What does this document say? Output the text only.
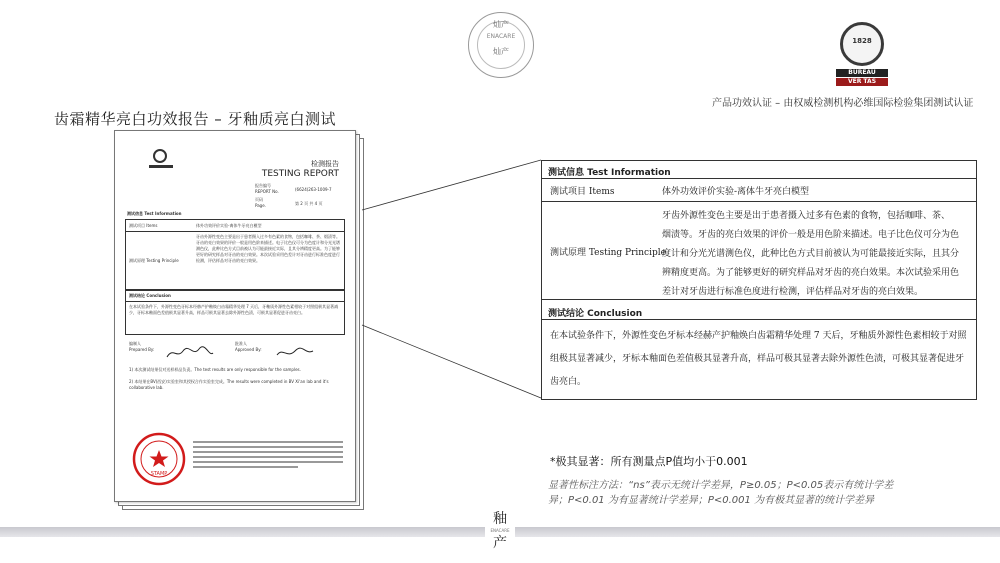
灿产
ENACARE
灿产
1828
BUREAU
VER TAS
产品功效认证 – 由权威检测机构必维国际检验集团测试认证
齿霜精华亮白功效报告 – 牙釉质亮白测试
检测报告
TESTING REPORT
报告编号
REPORT No.	(6624)263-1009-7
页码
Page.	第 2 页 共 4 页
测试信息 Test Information
测试项目 Items	体外功效评价实验-离体牛牙亮白模型
测试原理 Testing Principle
牙齿外源性变色主要是出于患者摄入过多有色素的食物，包括咖啡、茶、烟渍等。牙齿的亮白效果的评价一般是用色阶来描述。电子比色仪可分为色度计和分光光谱测色仪，此种比色方式目前被认为可能最接近实际，且其分辨精度更高。为了能够更好的研究样品对牙齿的亮白效果。本次试验采用色差计对牙齿进行标准色度进行检测，评估样品对牙齿的亮白效果。
测试结论 Conclusion
在本试验条件下，外源性变色牙标本经赫产护釉焕白齿霜精华处理 7 天后，牙釉质外源性色素相较于对照组极其显著减少，牙标本釉面色差值极其显著升高，样品可极其显著去除外源性色渍，可极其显著促进牙齿亮白。
编制人
Prepared By:
批准人
Approved By:
1) 本次测试结果仅对送样样品负责。The test results are only responsible for the samples.
2) 本结果在BV(西安)实验室和其授权合作实验室完成。The results were completed in BV Xi'an lab and it's collaborative lab.
STAMP
测试信息 Test Information
测试项目 Items	体外功效评价实验-离体牛牙亮白模型
测试原理 Testing Principle
牙齿外源性变色主要是出于患者摄入过多有色素的食物，包括咖啡、茶、
烟渍等。牙齿的亮白效果的评价一般是用色阶来描述。电子比色仪可分为色
度计和分光光谱测色仪，此种比色方式目前被认为可能最接近实际，且其分
辨精度更高。为了能够更好的研究样品对牙齿的亮白效果。本次试验采用色
差计对牙齿进行标准色度进行检测，评估样品对牙齿的亮白效果。
测试结论 Conclusion
在本试验条件下，外源性变色牙标本经赫产护釉焕白齿霜精华处理 7 天后，牙釉质外源性色素相较于对照
组极其显著减少，牙标本釉面色差值极其显著升高，样品可极其显著去除外源性色渍，可极其显著促进牙
齿亮白。
*极其显著：所有测量点P值均小于0.001
显著性标注方法：“ns”表示无统计学差异，P≥0.05；P<0.05表示有统计学差
异；P<0.01 为有显著统计学差异；P<0.001 为有极其显著的统计学差异
釉
ENACARE
产
